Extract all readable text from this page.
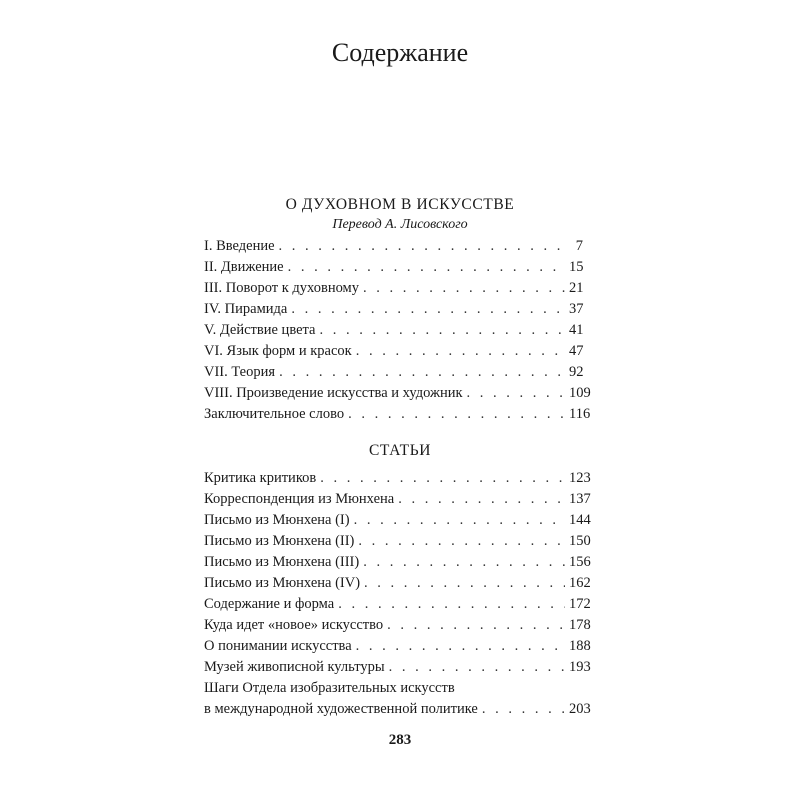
Содержание
О ДУХОВНОМ В ИСКУССТВЕ
Перевод А. Лисовского
I. Введение . . .	7
II. Движение . . .	15
III. Поворот к духовному . . .	21
IV. Пирамида . . .	37
V. Действие цвета . . .	41
VI. Язык форм и красок . . .	47
VII. Теория . . .	92
VIII. Произведение искусства и художник . . .	109
Заключительное слово . . .	116
СТАТЬИ
Критика критиков . . .	123
Корреспонденция из Мюнхена . . .	137
Письмо из Мюнхена (I) . . .	144
Письмо из Мюнхена (II) . . .	150
Письмо из Мюнхена (III) . . .	156
Письмо из Мюнхена (IV) . . .	162
Содержание и форма . . .	172
Куда идет «новое» искусство . . .	178
О понимании искусства . . .	188
Музей живописной культуры . . .	193
Шаги Отдела изобразительных искусств
в международной художественной политике . . .	203
283
